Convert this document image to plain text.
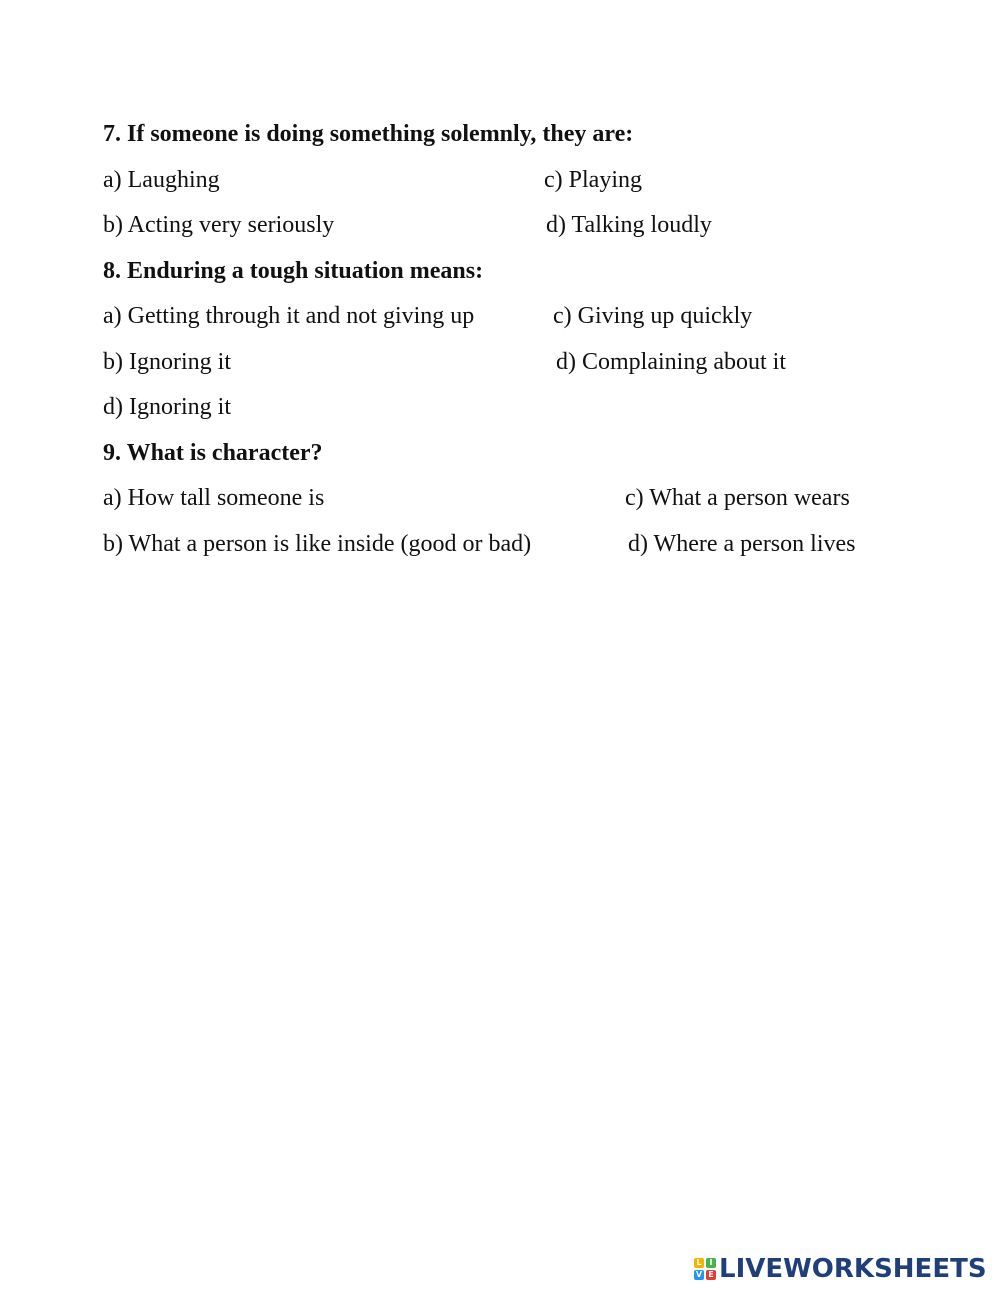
7. If someone is doing something solemnly, they are:
a) Laughing	c) Playing
b) Acting very seriously	d) Talking loudly
8. Enduring a tough situation means:
a) Getting through it and not giving up	c) Giving up quickly
b) Ignoring it	d) Complaining about it
d) Ignoring it
9. What is character?
a) How tall someone is	c) What a person wears
b) What a person is like inside (good or bad)	d) Where a person lives
L I
V E LIVEWORKSHEETS
